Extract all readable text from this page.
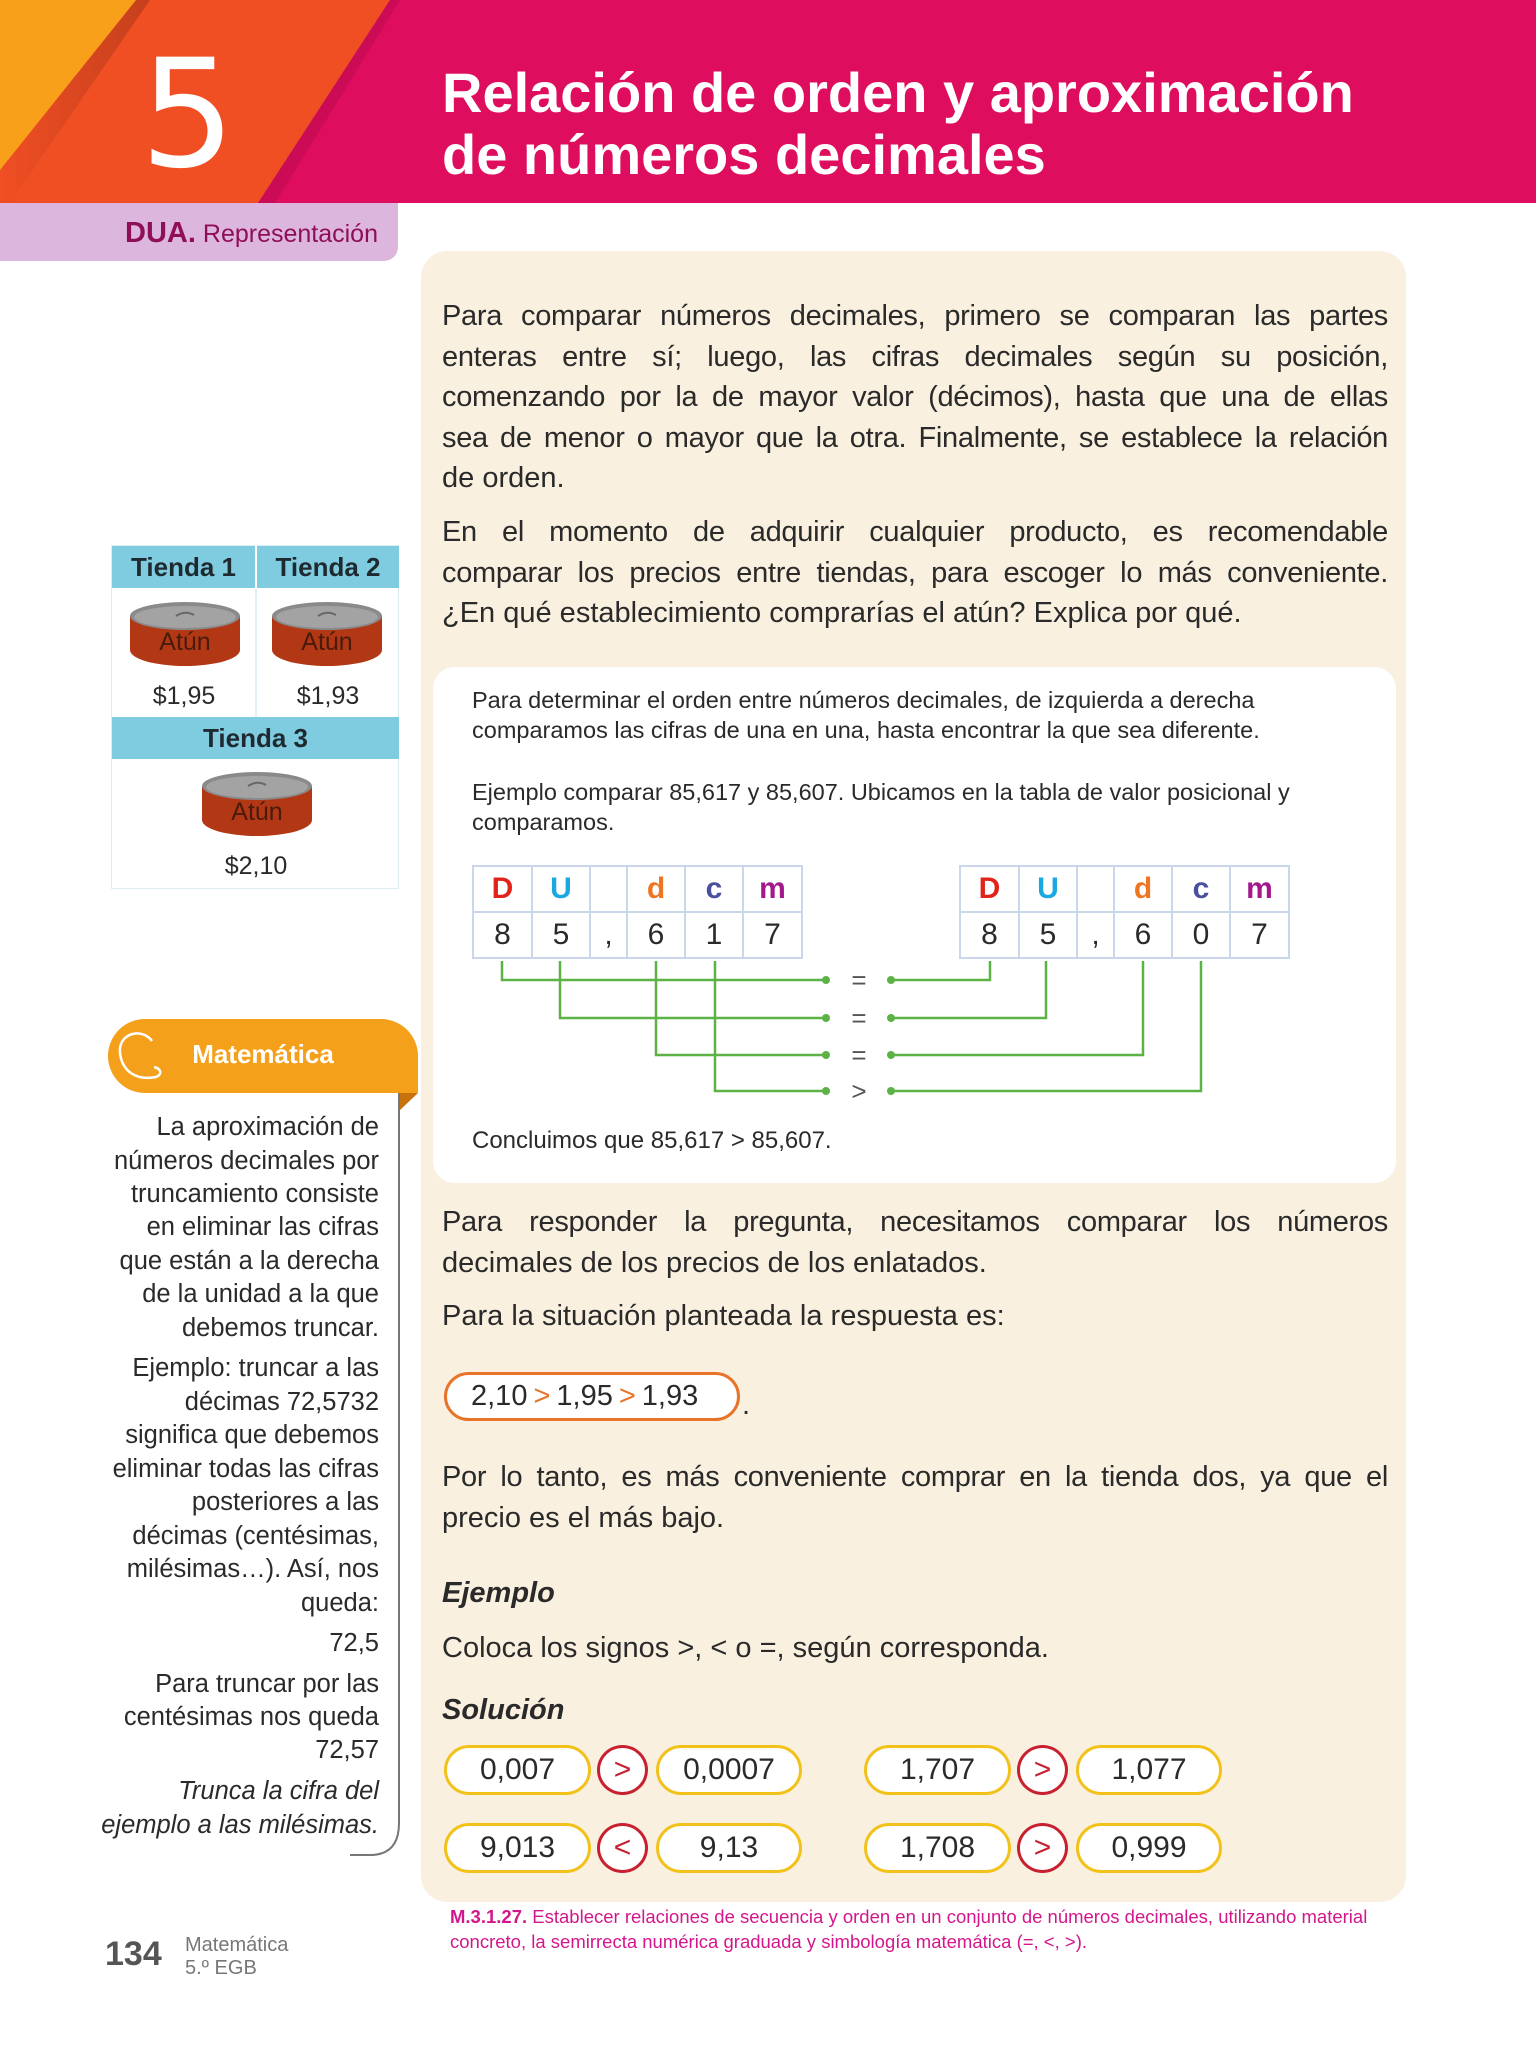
5	Relación de orden y aproximación
de números decimales
DUA. Representación
Tienda 1	Tienda 2
Tienda 3
Atún	Atún
Atún
$1,95	$1,93
$2,10
Matemática
La aproximación de
números decimales por
truncamiento consiste
en eliminar las cifras
que están a la derecha
de la unidad a la que
debemos truncar.
Ejemplo: truncar a las
décimas 72,5732
significa que debemos
eliminar todas las cifras
posteriores a las
décimas (centésimas,
milésimas…). Así, nos
queda:
72,5
Para truncar por las
centésimas nos queda
72,57
Trunca la cifra del
ejemplo a las milésimas.
Para comparar números decimales, primero se comparan las partes
enteras entre sí; luego, las cifras decimales según su posición,
comenzando por la de mayor valor (décimos), hasta que una de ellas
sea de menor o mayor que la otra. Finalmente, se establece la relación
de orden.
En el momento de adquirir cualquier producto, es recomendable
comparar los precios entre tiendas, para escoger lo más conveniente.
¿En qué establecimiento comprarías el atún? Explica por qué.
Para determinar el orden entre números decimales, de izquierda a derecha
comparamos las cifras de una en una, hasta encontrar la que sea diferente.
Ejemplo comparar 85,617 y 85,607. Ubicamos en la tabla de valor posicional y
comparamos.
D	U		d	c	m
8	5	,	6	1	7
D	U		d	c	m
8	5	,	6	0	7
=
=
=
>
Concluimos que 85,617 > 85,607.
Para responder la pregunta, necesitamos comparar los números
decimales de los precios de los enlatados.
Para la situación planteada la respuesta es:
Por lo tanto, es más conveniente comprar en la tienda dos, ya que el
precio es el más bajo.
2,10 > 1,95 > 1,93	.
Ejemplo
Coloca los signos >, < o =, según corresponda.
Solución
0,007	>	0,0007	1,707	>	1,077
9,013	<	9,13	1,708	>	0,999
M.3.1.27. Establecer relaciones de secuencia y orden en un conjunto de números decimales, utilizando material
concreto, la semirrecta numérica graduada y simbología matemática (=, <, >).
134 Matemática
5.º EGB
